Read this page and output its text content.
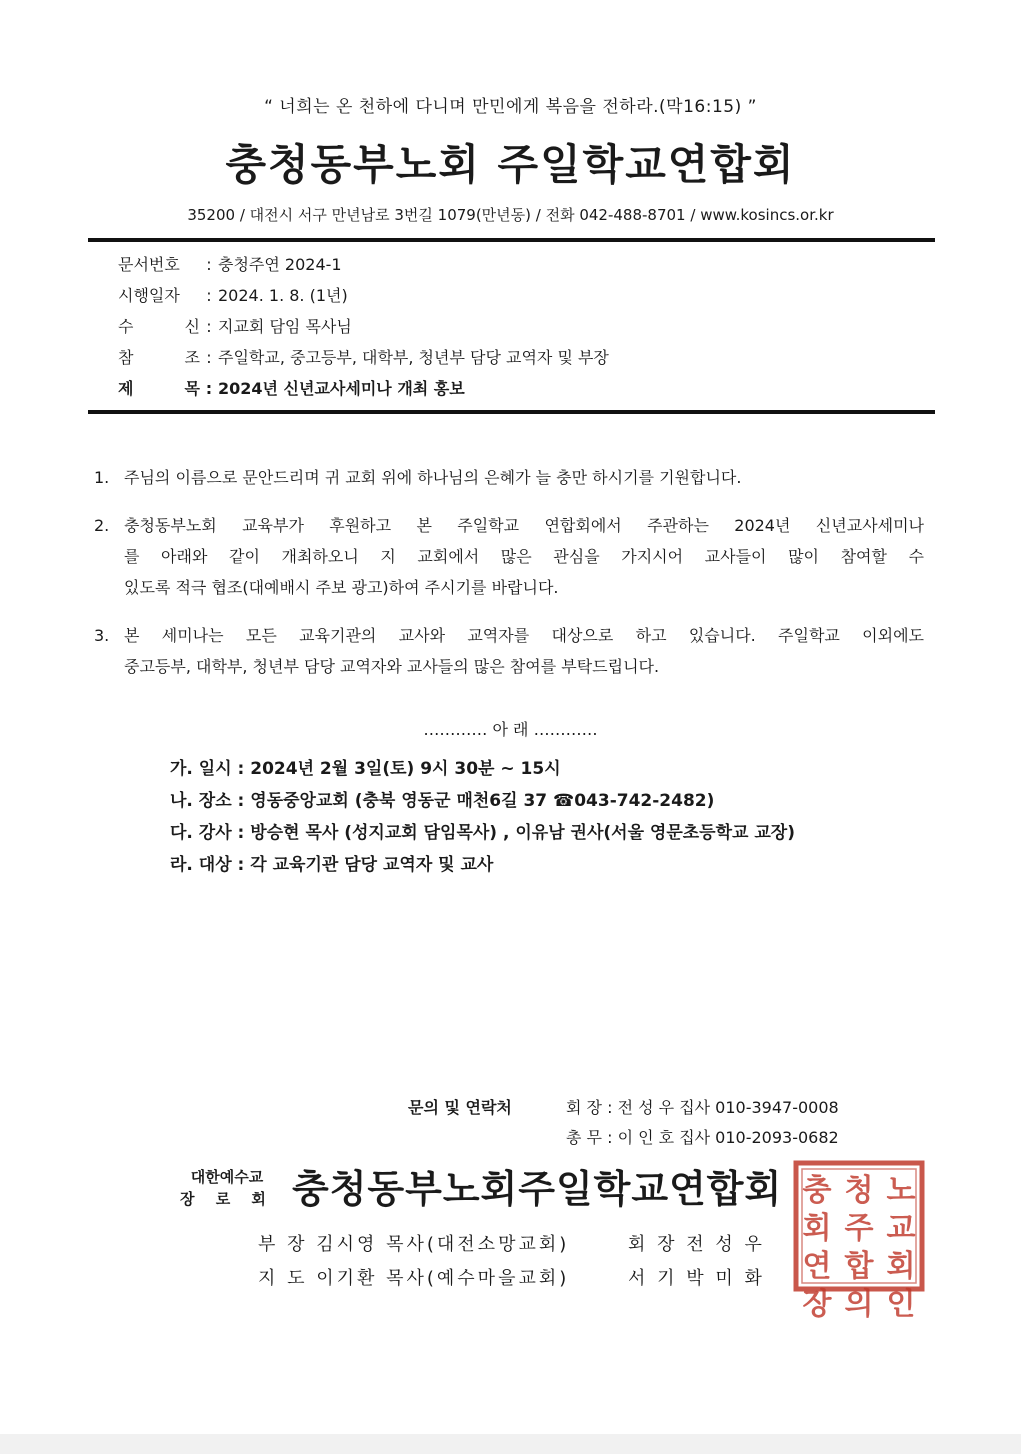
“ 너희는 온 천하에 다니며 만민에게 복음을 전하라.(막16:15) ”
충청동부노회 주일학교연합회
35200 / 대전시 서구 만년남로 3번길 1079(만년동) / 전화 042-488-8701 / www.kosincs.or.kr
문서번호 : 충청주연 2024-1
시행일자 : 2024. 1. 8. (1년)
수 신 : 지교회 담임 목사님
참 조 : 주일학교, 중고등부, 대학부, 청년부 담당 교역자 및 부장
제 목 : 2024년 신년교사세미나 개최 홍보
1. 주님의 이름으로 문안드리며 귀 교회 위에 하나님의 은혜가 늘 충만 하시기를 기원합니다.
2. 충청동부노회 교육부가 후원하고 본 주일학교 연합회에서 주관하는 2024년 신년교사세미나
를 아래와 같이 개최하오니 지 교회에서 많은 관심을 가지시어 교사들이 많이 참여할 수
있도록 적극 협조(대예배시 주보 광고)하여 주시기를 바랍니다.
3. 본 세미나는 모든 교육기관의 교사와 교역자를 대상으로 하고 있습니다. 주일학교 이외에도
중고등부, 대학부, 청년부 담당 교역자와 교사들의 많은 참여를 부탁드립니다.
………… 아 래 …………
가. 일시 : 2024년 2월 3일(토) 9시 30분 ~ 15시
나. 장소 : 영동중앙교회 (충북 영동군 매천6길 37 ☎043-742-2482)
다. 강사 : 방승현 목사 (성지교회 담임목사) , 이유남 권사(서울 영문초등학교 교장)
라. 대상 : 각 교육기관 담당 교역자 및 교사
문의 및 연락처	회 장 : 전 성 우 집사 010-3947-0008
총 무 : 이 인 호 집사 010-2093-0682
대한예수교
장 로 회 충청동부노회주일학교연합회
부 장 김시영 목사(대전소망교회)	회 장 전 성 우
지 도 이기환 목사(예수마을교회)	서 기 박 미 화
충 청 노
회 주 교
연 합 회
장 의 인
